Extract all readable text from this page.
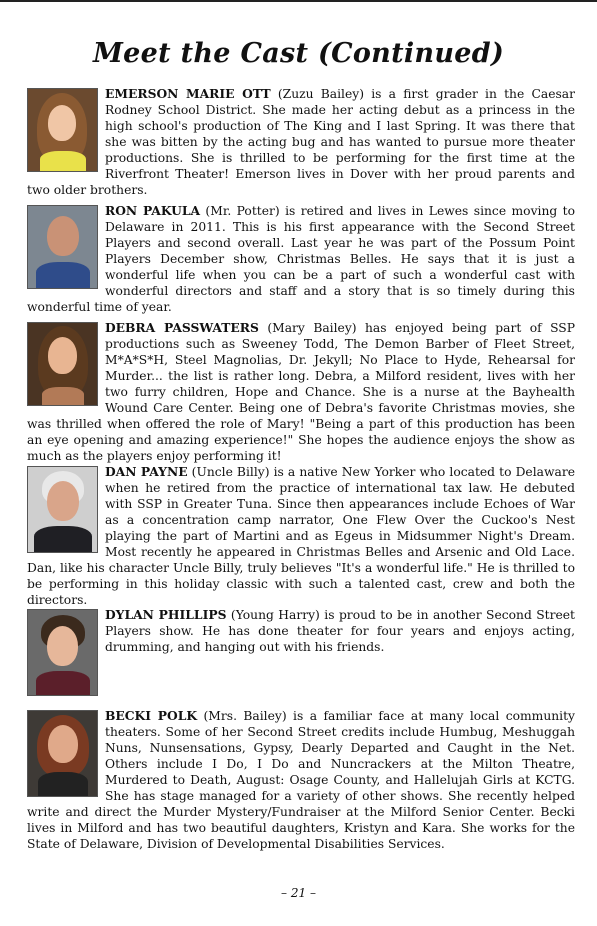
Meet the Cast (Continued)

EMERSON MARIE OTT (Zuzu Bailey) is a first grader in the Caesar Rodney School District. She made her acting debut as a princess in the high school's production of The King and I last Spring. It was there that she was bitten by the acting bug and has wanted to pursue more theater productions. She is thrilled to be performing for the first time at the Riverfront Theater! Emerson lives in Dover with her proud parents and two older brothers.

RON PAKULA (Mr. Potter) is retired and lives in Lewes since moving to Delaware in 2011. This is his first appearance with the Second Street Players and second overall. Last year he was part of the Possum Point Players December show, Christmas Belles. He says that it is just a wonderful life when you can be a part of such a wonderful cast with wonderful directors and staff and a story that is so timely during this wonderful time of year.

DEBRA PASSWATERS (Mary Bailey) has enjoyed being part of SSP productions such as Sweeney Todd, The Demon Barber of Fleet Street, M*A*S*H, Steel Magnolias, Dr. Jekyll; No Place to Hyde, Rehearsal for Murder... the list is rather long. Debra, a Milford resident, lives with her two furry children, Hope and Chance. She is a nurse at the Bayhealth Wound Care Center. Being one of Debra's favorite Christmas movies, she was thrilled when offered the role of Mary! "Being a part of this production has been an eye opening and amazing experience!" She hopes the audience enjoys the show as much as the players enjoy performing it!

DAN PAYNE (Uncle Billy) is a native New Yorker who located to Delaware when he retired from the practice of international tax law. He debuted with SSP in Greater Tuna. Since then appearances include Echoes of War as a concentration camp narrator, One Flew Over the Cuckoo's Nest playing the part of Martini and as Egeus in Midsummer Night's Dream. Most recently he appeared in Christmas Belles and Arsenic and Old Lace. Dan, like his character Uncle Billy, truly believes "It's a wonderful life." He is thrilled to be performing in this holiday classic with such a talented cast, crew and both the directors.

DYLAN PHILLIPS (Young Harry) is proud to be in another Second Street Players show. He has done theater for four years and enjoys acting, drumming, and hanging out with his friends.

BECKI POLK (Mrs. Bailey) is a familiar face at many local community theaters. Some of her Second Street credits include Humbug, Meshuggah Nuns, Nunsensations, Gypsy, Dearly Departed and Caught in the Net. Others include I Do, I Do and Nuncrackers at the Milton Theatre, Murdered to Death, August: Osage County, and Hallelujah Girls at KCTG. She has stage managed for a variety of other shows. She recently helped write and direct the Murder Mystery/Fundraiser at the Milford Senior Center. Becki lives in Milford and has two beautiful daughters, Kristyn and Kara. She works for the State of Delaware, Division of Developmental Disabilities Services.

– 21 –
